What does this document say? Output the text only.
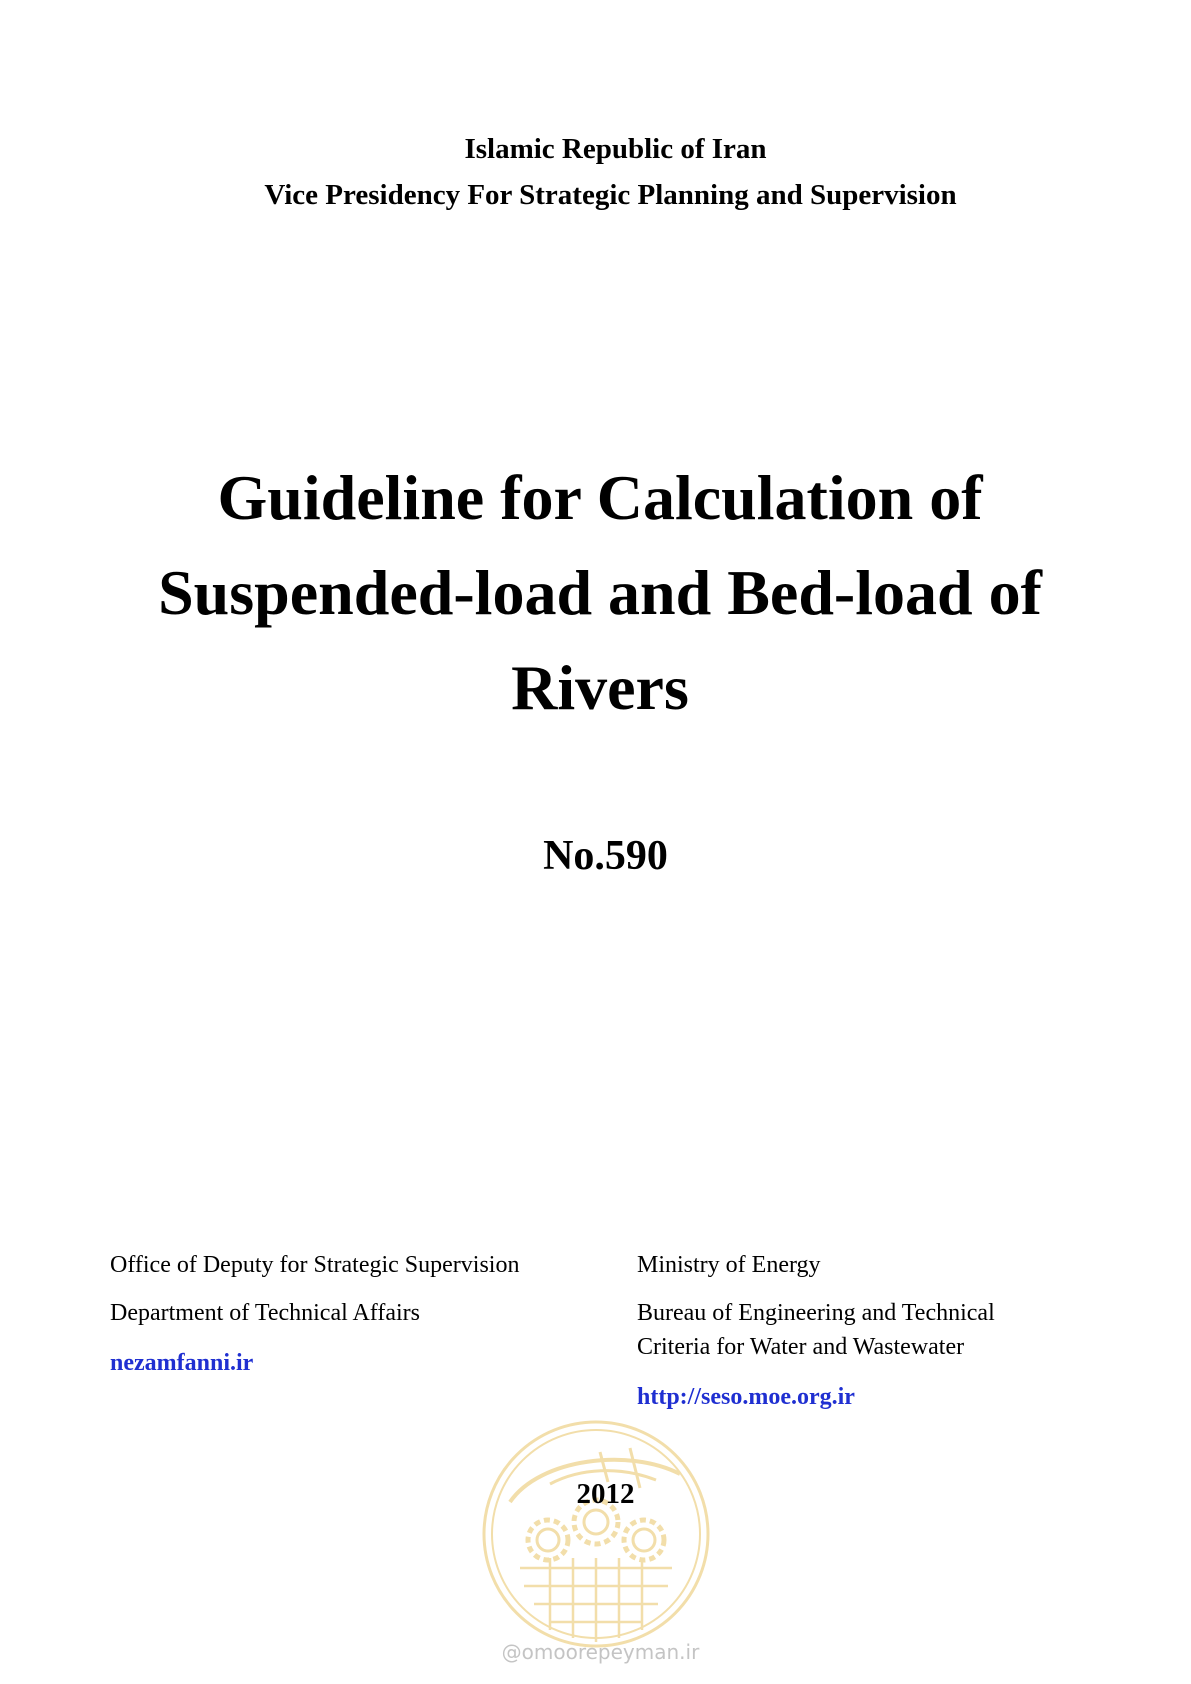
Islamic Republic of Iran
Vice Presidency For Strategic Planning and Supervision
Guideline for Calculation of
Suspended-load and Bed-load of
Rivers
No.590

Office of Deputy for Strategic Supervision

Department of Technical Affairs

nezamfanni.ir

Ministry of Energy

Bureau of Engineering and Technical

Criteria for Water and Wastewater

http://seso.moe.org.ir
2012
@omoorepeyman.ir
